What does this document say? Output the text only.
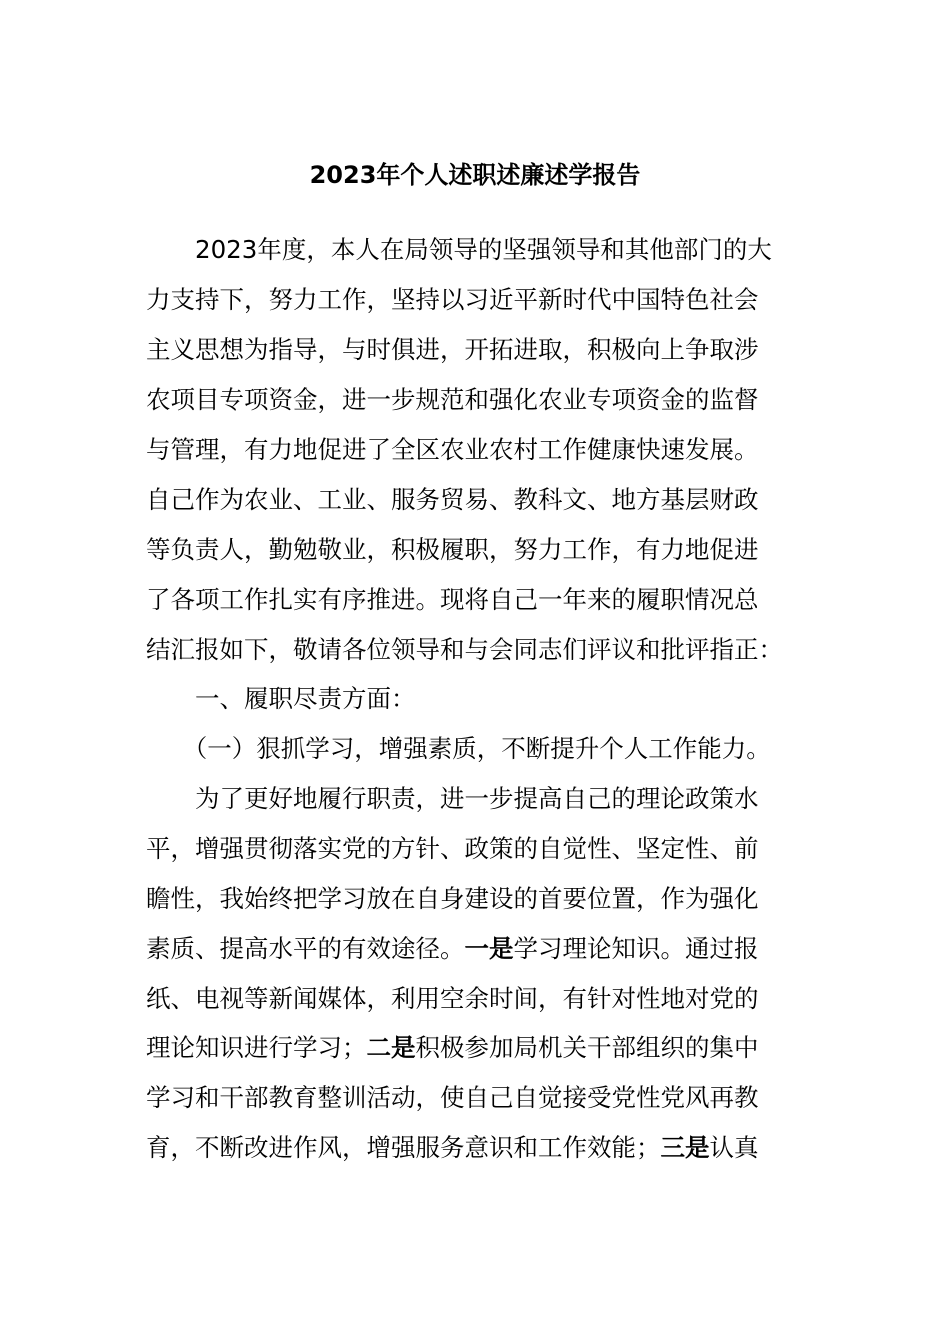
2023年个人述职述廉述学报告
　　2023年度，本人在局领导的坚强领导和其他部门的大
力支持下，努力工作，坚持以习近平新时代中国特色社会
主义思想为指导，与时俱进，开拓进取，积极向上争取涉
农项目专项资金，进一步规范和强化农业专项资金的监督
与管理，有力地促进了全区农业农村工作健康快速发展。
自己作为农业、工业、服务贸易、教科文、地方基层财政
等负责人，勤勉敬业，积极履职，努力工作，有力地促进
了各项工作扎实有序推进。现将自己一年来的履职情况总
结汇报如下，敬请各位领导和与会同志们评议和批评指正：
　　一、履职尽责方面：
　　（一）狠抓学习，增强素质，不断提升个人工作能力。
　　为了更好地履行职责，进一步提高自己的理论政策水
平，增强贯彻落实党的方针、政策的自觉性、坚定性、前
瞻性，我始终把学习放在自身建设的首要位置，作为强化
素质、提高水平的有效途径。一是学习理论知识。通过报
纸、电视等新闻媒体，利用空余时间，有针对性地对党的
理论知识进行学习；二是积极参加局机关干部组织的集中
学习和干部教育整训活动，使自己自觉接受党性党风再教
育，不断改进作风，增强服务意识和工作效能；三是认真
